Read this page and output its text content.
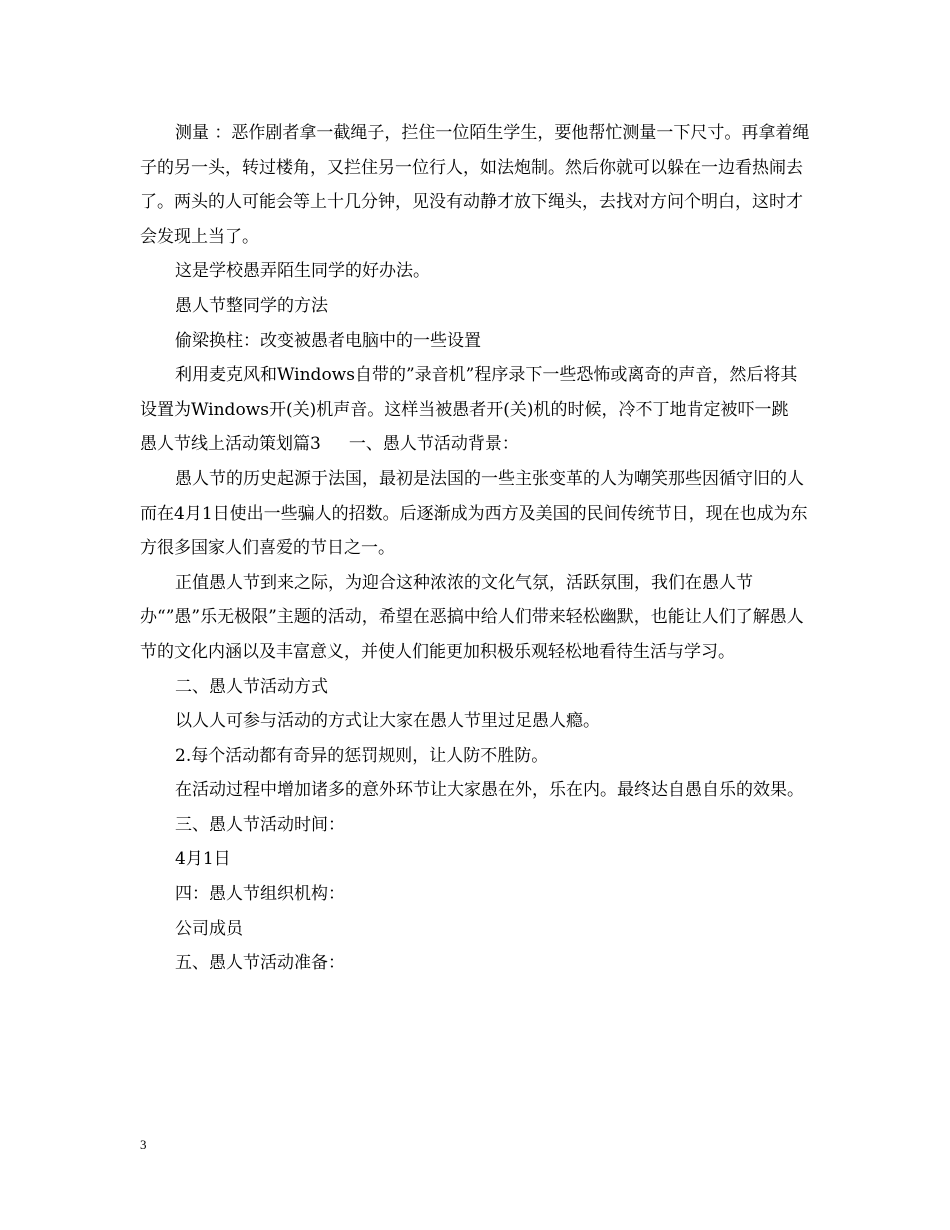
测量 ：恶作剧者拿一截绳子，拦住一位陌生学生，要他帮忙测量一下尺寸。再拿着绳子的另一头，转过楼角，又拦住另一位行人，如法炮制。然后你就可以躲在一边看热闹去了。两头的人可能会等上十几分钟，见没有动静才放下绳头，去找对方问个明白，这时才会发现上当了。

这是学校愚弄陌生同学的好办法。

愚人节整同学的方法

偷梁换柱：改变被愚者电脑中的一些设置

利用麦克风和Windows自带的”录音机”程序录下一些恐怖或离奇的声音，然后将其设置为Windows开(关)机声音。这样当被愚者开(关)机的时候，冷不丁地肯定被吓一跳

愚人节线上活动策划篇3 一、愚人节活动背景：

愚人节的历史起源于法国，最初是法国的一些主张变革的人为嘲笑那些因循守旧的人而在4月1日使出一些骗人的招数。后逐渐成为西方及美国的民间传统节日，现在也成为东方很多国家人们喜爱的节日之一。

正值愚人节到来之际，为迎合这种浓浓的文化气氛，活跃氛围，我们在愚人节办“”愚”乐无极限”主题的活动，希望在恶搞中给人们带来轻松幽默，也能让人们了解愚人节的文化内涵以及丰富意义，并使人们能更加积极乐观轻松地看待生活与学习。

二、愚人节活动方式

以人人可参与活动的方式让大家在愚人节里过足愚人瘾。

2.每个活动都有奇异的惩罚规则，让人防不胜防。

在活动过程中增加诸多的意外环节让大家愚在外，乐在内。最终达自愚自乐的效果。

三、愚人节活动时间：

4月1日

四：愚人节组织机构：

公司成员

五、愚人节活动准备：

3
